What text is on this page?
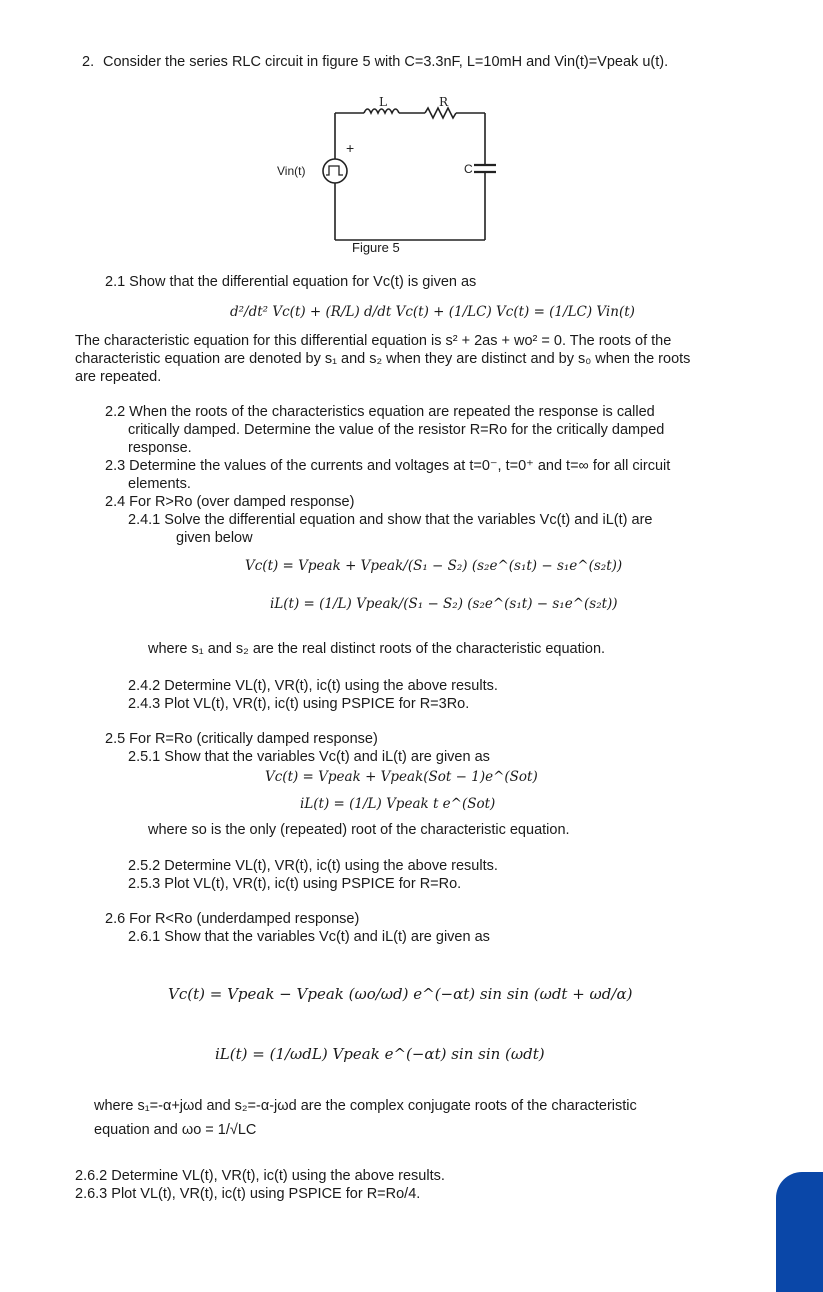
2. Consider the series RLC circuit in figure 5 with C=3.3nF, L=10mH and Vin(t)=Vpeak u(t).
L	R
+
Vin(t)	C
Figure 5
2.1 Show that the differential equation for Vc(t) is given as
d²/dt² Vc(t) + (R/L) d/dt Vc(t) + (1/LC) Vc(t) = (1/LC) Vin(t)
The characteristic equation for this differential equation is s² + 2as + wo² = 0. The roots of the
characteristic equation are denoted by s₁ and s₂ when they are distinct and by s₀ when the roots
are repeated.
2.2 When the roots of the characteristics equation are repeated the response is called
critically damped. Determine the value of the resistor R=Ro for the critically damped
response.
2.3 Determine the values of the currents and voltages at t=0⁻, t=0⁺ and t=∞ for all circuit
elements.
2.4 For R>Ro (over damped response)
2.4.1 Solve the differential equation and show that the variables Vc(t) and iL(t) are
given below
Vc(t) = Vpeak + Vpeak/(S₁ − S₂) (s₂e^(s₁t) − s₁e^(s₂t))
iL(t) = (1/L) Vpeak/(S₁ − S₂) (s₂e^(s₁t) − s₁e^(s₂t))
where s₁ and s₂ are the real distinct roots of the characteristic equation.
2.4.2 Determine VL(t), VR(t), ic(t) using the above results.
2.4.3 Plot VL(t), VR(t), ic(t) using PSPICE for R=3Ro.
2.5 For R=Ro (critically damped response)
2.5.1 Show that the variables Vc(t) and iL(t) are given as
Vc(t) = Vpeak + Vpeak(Sot − 1)e^(Sot)
iL(t) = (1/L) Vpeak t e^(Sot)
where so is the only (repeated) root of the characteristic equation.
2.5.2 Determine VL(t), VR(t), ic(t) using the above results.
2.5.3 Plot VL(t), VR(t), ic(t) using PSPICE for R=Ro.
2.6 For R<Ro (underdamped response)
2.6.1 Show that the variables Vc(t) and iL(t) are given as
Vc(t) = Vpeak − Vpeak (ωo/ωd) e^(−αt) sin sin (ωdt + ωd/α)
iL(t) = (1/ωdL) Vpeak e^(−αt) sin sin (ωdt)
where s₁=-α+jωd and s₂=-α-jωd are the complex conjugate roots of the characteristic
equation and ωo = 1/√LC
2.6.2 Determine VL(t), VR(t), ic(t) using the above results.
2.6.3 Plot VL(t), VR(t), ic(t) using PSPICE for R=Ro/4.
